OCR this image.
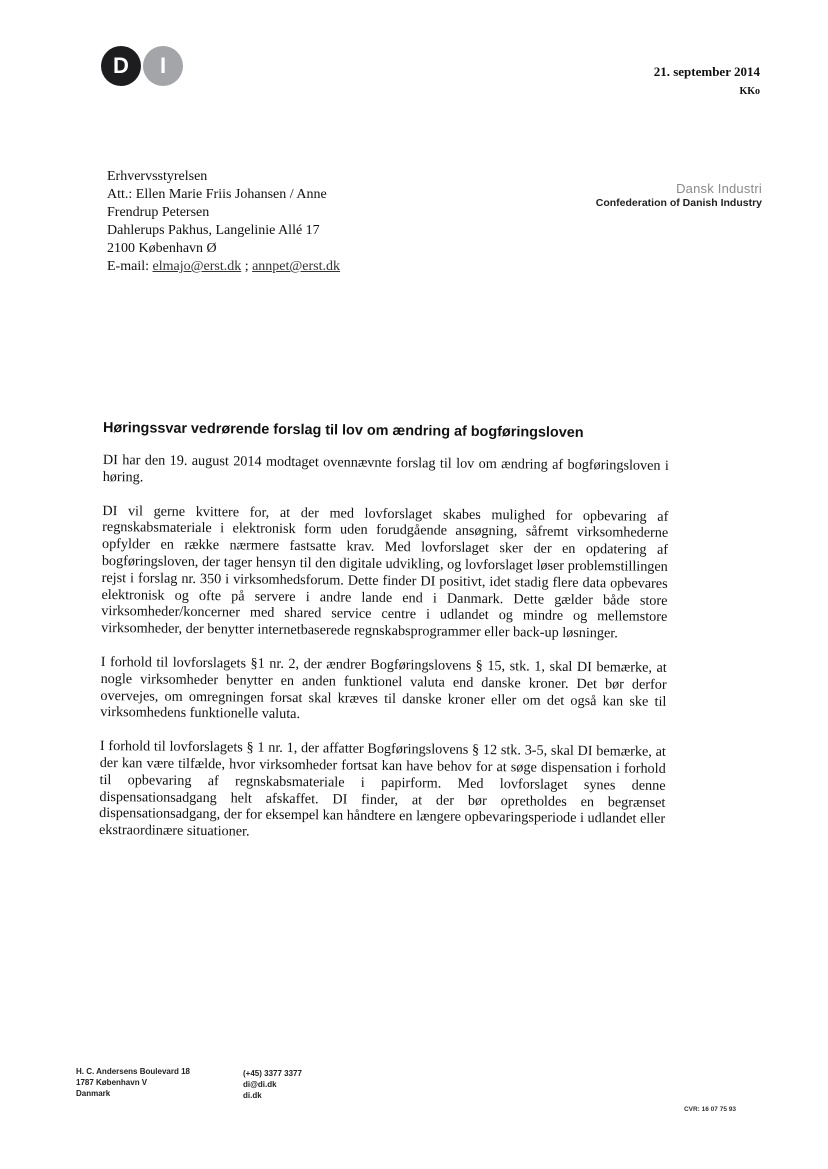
D	I	21. september 2014
KKo
Erhvervsstyrelsen
Att.: Ellen Marie Friis Johansen / Anne
Frendrup Petersen
Dahlerups Pakhus, Langelinie Allé 17
2100 København Ø
E-mail: elmajo@erst.dk ; annpet@erst.dk
Dansk Industri
Confederation of Danish Industry
Høringssvar vedrørende forslag til lov om ændring af bogføringsloven

DI har den 19. august 2014 modtaget ovennævnte forslag til lov om ændring af bogføringsloven i høring.

DI vil gerne kvittere for, at der med lovforslaget skabes mulighed for opbevaring af regnskabsmateriale i elektronisk form uden forudgående ansøgning, såfremt virksomhederne opfylder en række nærmere fastsatte krav. Med lovforslaget sker der en opdatering af bogføringsloven, der tager hensyn til den digitale udvikling, og lovforslaget løser problemstillingen rejst i forslag nr. 350 i virksomhedsforum. Dette finder DI positivt, idet stadig flere data opbevares elektronisk og ofte på servere i andre lande end i Danmark. Dette gælder både store virksomheder/koncerner med shared service centre i udlandet og mindre og mellemstore virksomheder, der benytter internetbaserede regnskabsprogrammer eller back-up løsninger.

I forhold til lovforslagets §1 nr. 2, der ændrer Bogføringslovens § 15, stk. 1, skal DI bemærke, at nogle virksomheder benytter en anden funktionel valuta end danske kroner. Det bør derfor overvejes, om omregningen forsat skal kræves til danske kroner eller om det også kan ske til virksomhedens funktionelle valuta.

I forhold til lovforslagets § 1 nr. 1, der affatter Bogføringslovens § 12 stk. 3-5, skal DI bemærke, at der kan være tilfælde, hvor virksomheder fortsat kan have behov for at søge dispensation i forhold til opbevaring af regnskabsmateriale i papirform. Med lovforslaget synes denne dispensationsadgang helt afskaffet. DI finder, at der bør opretholdes en begrænset dispensationsadgang, der for eksempel kan håndtere en længere opbevaringsperiode i udlandet eller ekstraordinære situationer.

H. C. Andersens Boulevard 18
1787 København V
Danmark
(+45) 3377 3377
di@di.dk
di.dk
CVR: 16 07 75 93
